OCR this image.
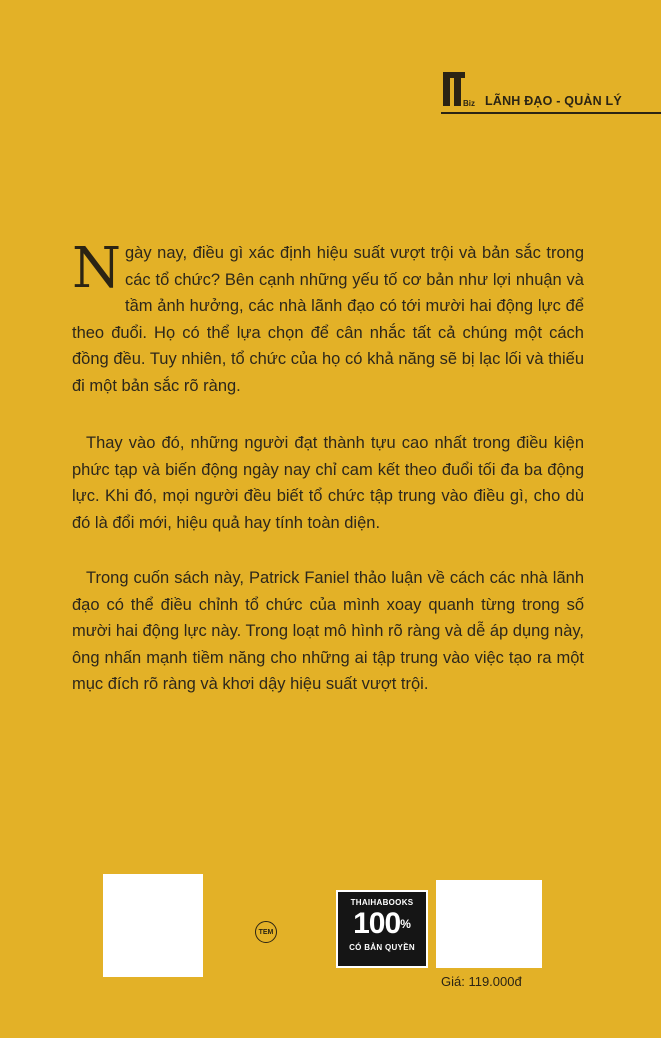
Biz LÃNH ĐẠO - QUẢN LÝ

Ngày nay, điều gì xác định hiệu suất vượt trội và bản sắc trong các tổ chức? Bên cạnh những yếu tố cơ bản như lợi nhuận và tầm ảnh hưởng, các nhà lãnh đạo có tới mười hai động lực để theo đuổi. Họ có thể lựa chọn để cân nhắc tất cả chúng một cách đồng đều. Tuy nhiên, tổ chức của họ có khả năng sẽ bị lạc lối và thiếu đi một bản sắc rõ ràng.

Thay vào đó, những người đạt thành tựu cao nhất trong điều kiện phức tạp và biến động ngày nay chỉ cam kết theo đuổi tối đa ba động lực. Khi đó, mọi người đều biết tổ chức tập trung vào điều gì, cho dù đó là đổi mới, hiệu quả hay tính toàn diện.

Trong cuốn sách này, Patrick Faniel thảo luận về cách các nhà lãnh đạo có thể điều chỉnh tổ chức của mình xoay quanh từng trong số mười hai động lực này. Trong loạt mô hình rõ ràng và dễ áp dụng này, ông nhấn mạnh tiềm năng cho những ai tập trung vào việc tạo ra một mục đích rõ ràng và khơi dậy hiệu suất vượt trội.

TEM
THAIHABOOKS
100%
CÓ BẢN QUYỀN
Giá: 119.000đ
